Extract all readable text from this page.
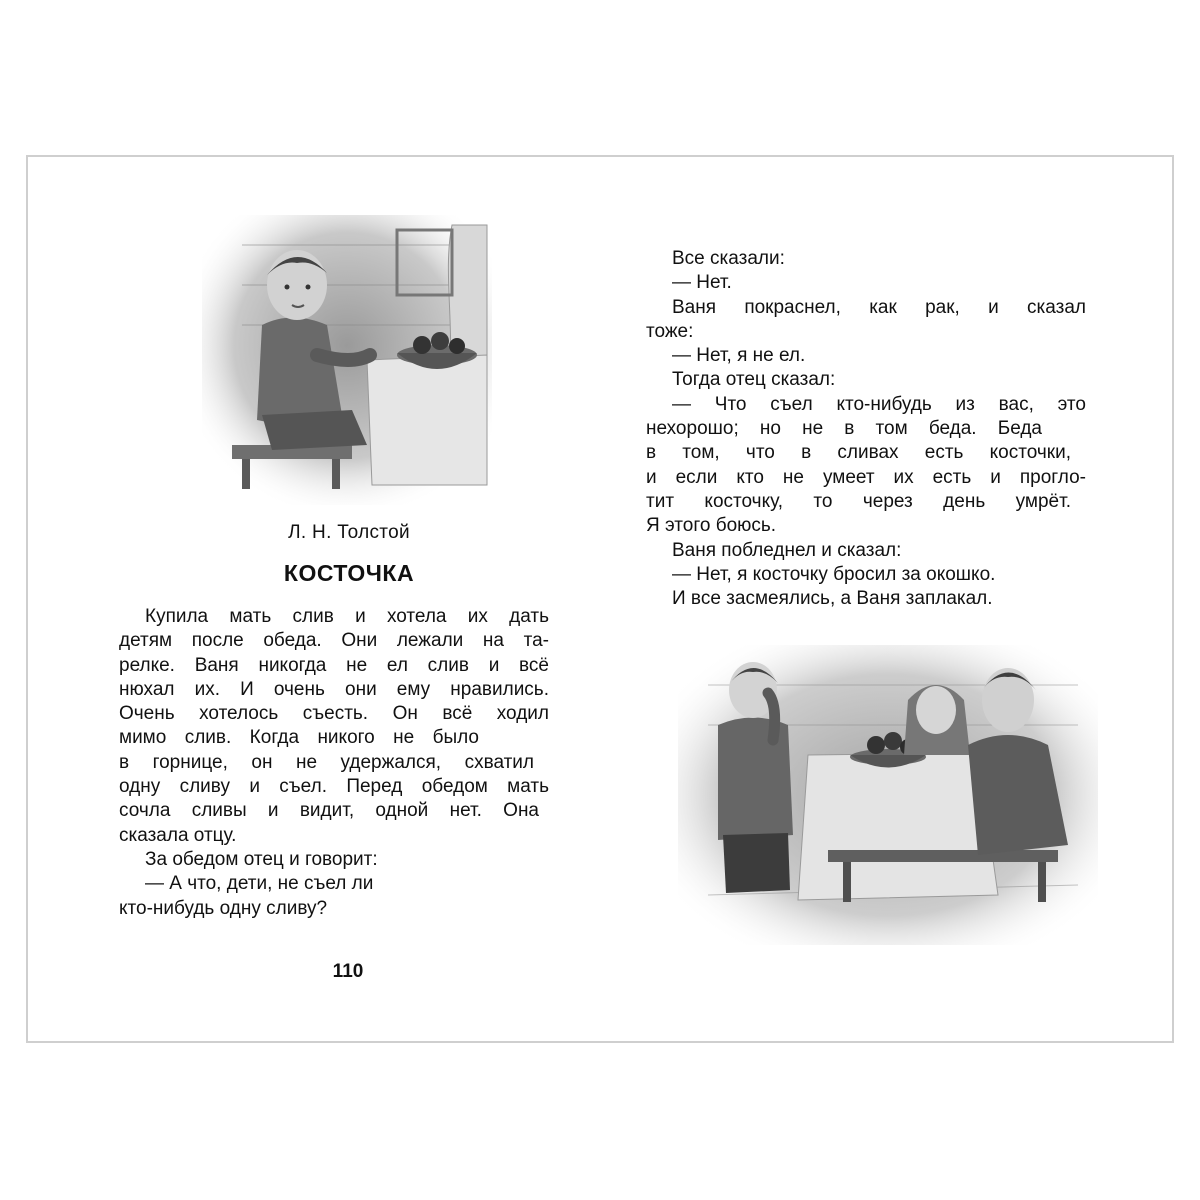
Л. Н. Толстой
КОСТОЧКА
Купила мать слив и хотела их дать
детям после обеда. Они лежали на та-
релке. Ваня никогда не ел слив и всё
нюхал их. И очень они ему нравились.
Очень хотелось съесть. Он всё ходил
мимо слив. Когда никого не было
в горнице, он не удержался, схватил
одну сливу и съел. Перед обедом мать
сочла сливы и видит, одной нет. Она
сказала отцу.
За обедом отец и говорит:
— А что, дети, не съел ли
кто-нибудь одну сливу?
110
Все сказали:
— Нет.
Ваня покраснел, как рак, и сказал
тоже:
— Нет, я не ел.
Тогда отец сказал:
— Что съел кто-нибудь из вас, это
нехорошо; но не в том беда. Беда
в том, что в сливах есть косточки,
и если кто не умеет их есть и прогло-
тит косточку, то через день умрёт.
Я этого боюсь.
Ваня побледнел и сказал:
— Нет, я косточку бросил за окошко.
И все засмеялись, а Ваня заплакал.
